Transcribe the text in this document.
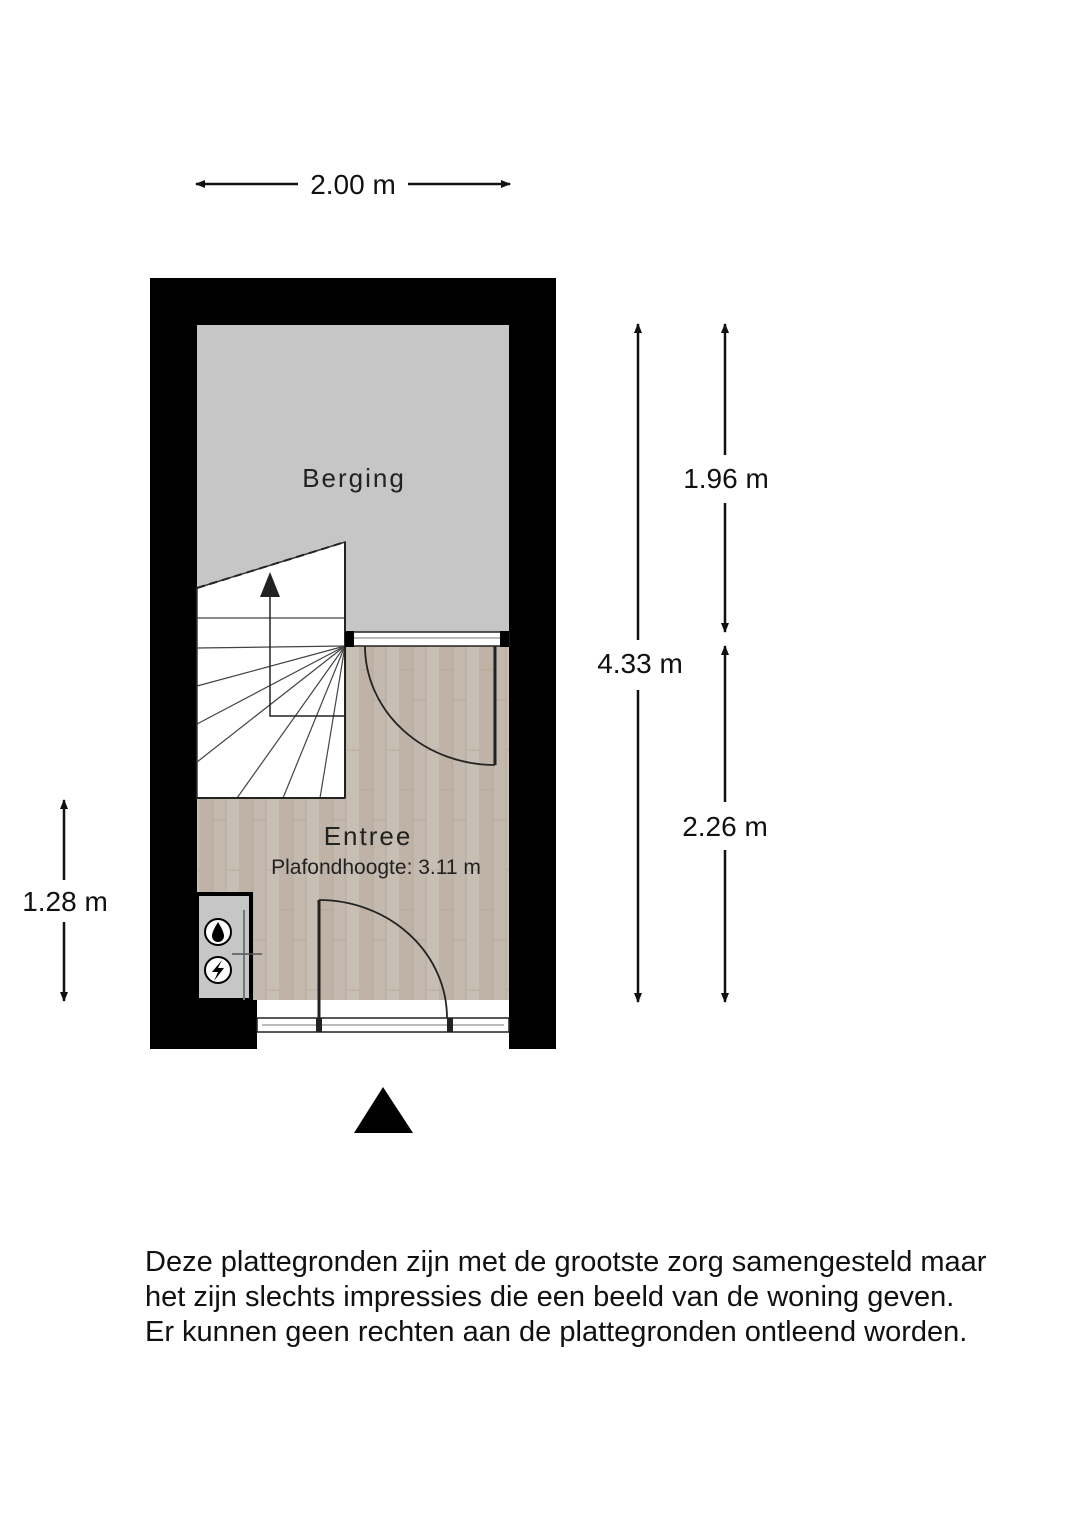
2.00 m
Berging
Entree
Plafondhoogte: 3.11 m
4.33 m
1.96 m
2.26 m
1.28 m
Deze plattegronden zijn met de grootste zorg samengesteld maar
het zijn slechts impressies die een beeld van de woning geven.
Er kunnen geen rechten aan de plattegronden ontleend worden.
